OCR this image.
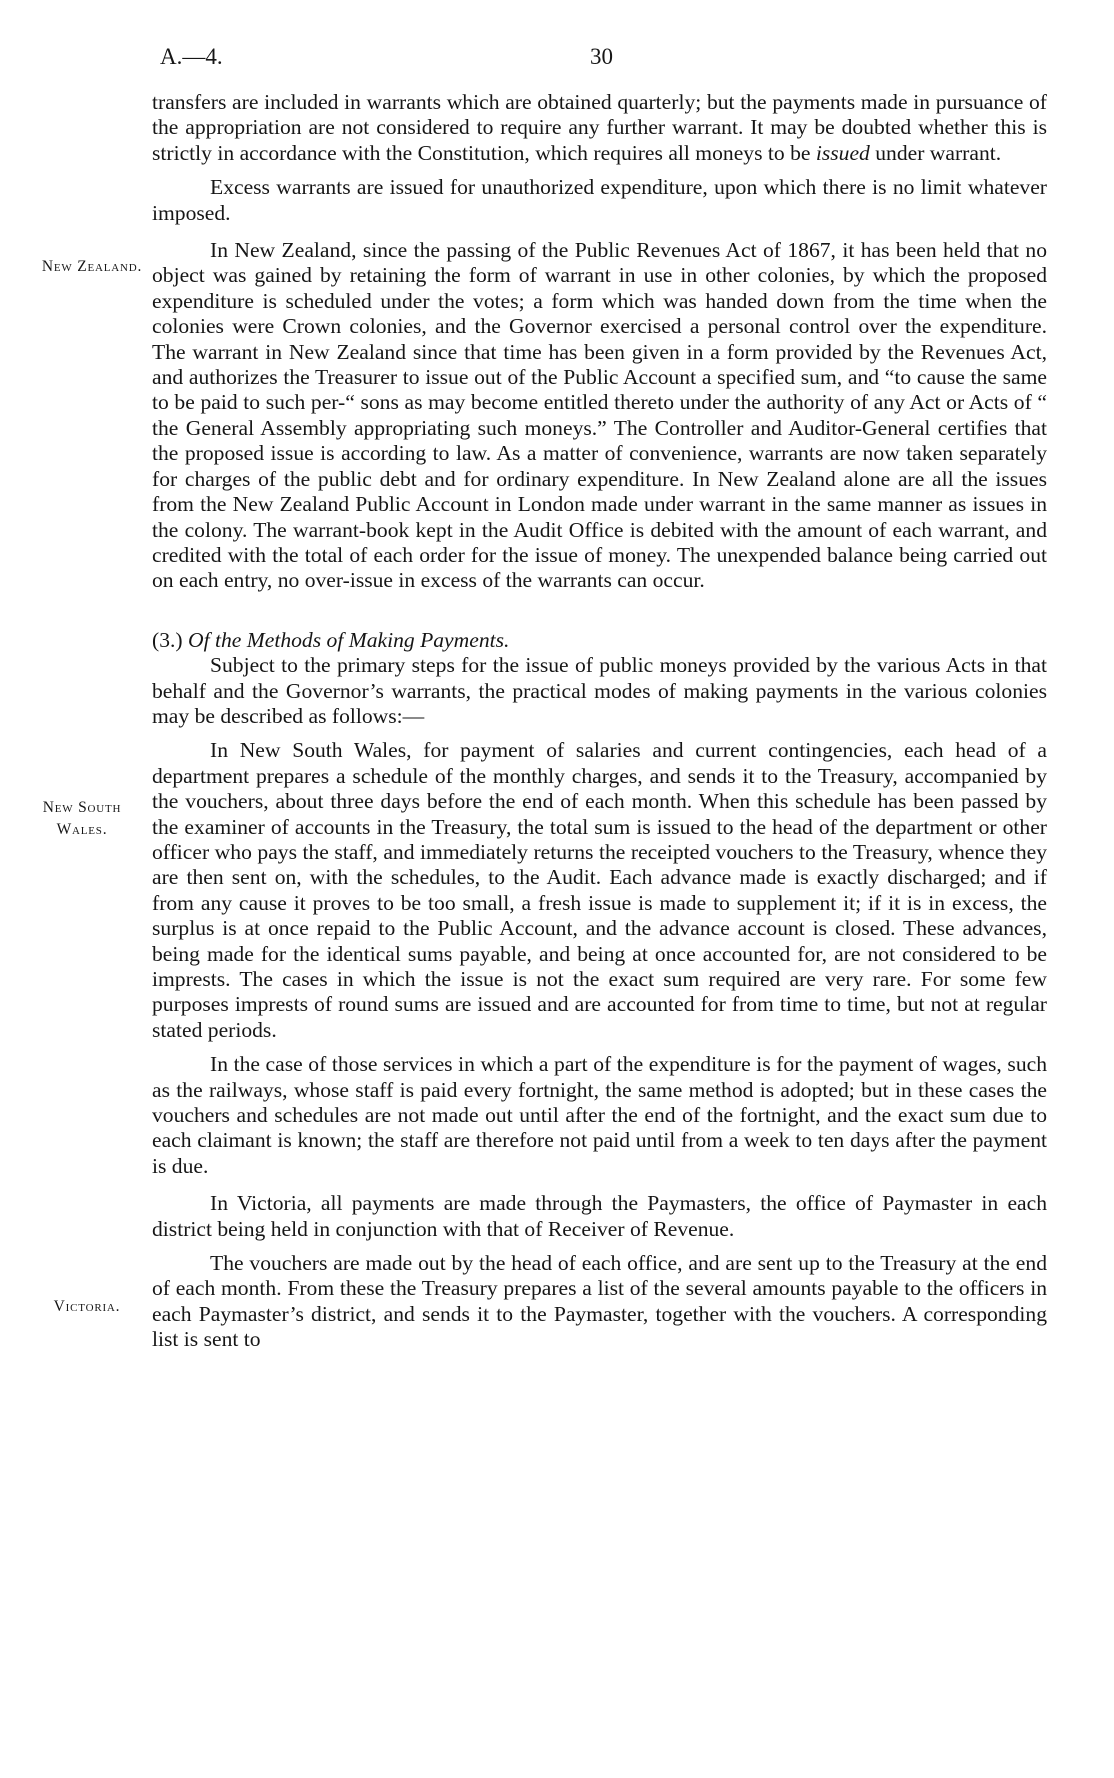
A.—4.	30
New Zealand.
New South
Wales.
Victoria.

transfers are included in warrants which are obtained quarterly; but the payments made in pursuance of the appropriation are not considered to require any further warrant. It may be doubted whether this is strictly in accordance with the Constitution, which requires all moneys to be issued under warrant.

Excess warrants are issued for unauthorized expenditure, upon which there is no limit whatever imposed.

In New Zealand, since the passing of the Public Revenues Act of 1867, it has been held that no object was gained by retaining the form of warrant in use in other colonies, by which the proposed expenditure is scheduled under the votes; a form which was handed down from the time when the colonies were Crown colonies, and the Governor exercised a personal control over the expenditure. The warrant in New Zealand since that time has been given in a form provided by the Revenues Act, and authorizes the Treasurer to issue out of the Public Account a specified sum, and “to cause the same to be paid to such per-“ sons as may become entitled thereto under the authority of any Act or Acts of “ the General Assembly appropriating such moneys.” The Controller and Auditor-General certifies that the proposed issue is according to law. As a matter of convenience, warrants are now taken separately for charges of the public debt and for ordinary expenditure. In New Zealand alone are all the issues from the New Zealand Public Account in London made under warrant in the same manner as issues in the colony. The warrant-book kept in the Audit Office is debited with the amount of each warrant, and credited with the total of each order for the issue of money. The unexpended balance being carried out on each entry, no over-issue in excess of the warrants can occur.

(3.) Of the Methods of Making Payments.

Subject to the primary steps for the issue of public moneys provided by the various Acts in that behalf and the Governor’s warrants, the practical modes of making payments in the various colonies may be described as follows:—

In New South Wales, for payment of salaries and current contingencies, each head of a department prepares a schedule of the monthly charges, and sends it to the Treasury, accompanied by the vouchers, about three days before the end of each month. When this schedule has been passed by the examiner of accounts in the Treasury, the total sum is issued to the head of the department or other officer who pays the staff, and immediately returns the receipted vouchers to the Treasury, whence they are then sent on, with the schedules, to the Audit. Each advance made is exactly discharged; and if from any cause it proves to be too small, a fresh issue is made to supplement it; if it is in excess, the surplus is at once repaid to the Public Account, and the advance account is closed. These advances, being made for the identical sums payable, and being at once accounted for, are not considered to be imprests. The cases in which the issue is not the exact sum required are very rare. For some few purposes imprests of round sums are issued and are accounted for from time to time, but not at regular stated periods.

In the case of those services in which a part of the expenditure is for the payment of wages, such as the railways, whose staff is paid every fortnight, the same method is adopted; but in these cases the vouchers and schedules are not made out until after the end of the fortnight, and the exact sum due to each claimant is known; the staff are therefore not paid until from a week to ten days after the payment is due.

In Victoria, all payments are made through the Paymasters, the office of Paymaster in each district being held in conjunction with that of Receiver of Revenue.

The vouchers are made out by the head of each office, and are sent up to the Treasury at the end of each month. From these the Treasury prepares a list of the several amounts payable to the officers in each Paymaster’s district, and sends it to the Paymaster, together with the vouchers. A corresponding list is sent to
